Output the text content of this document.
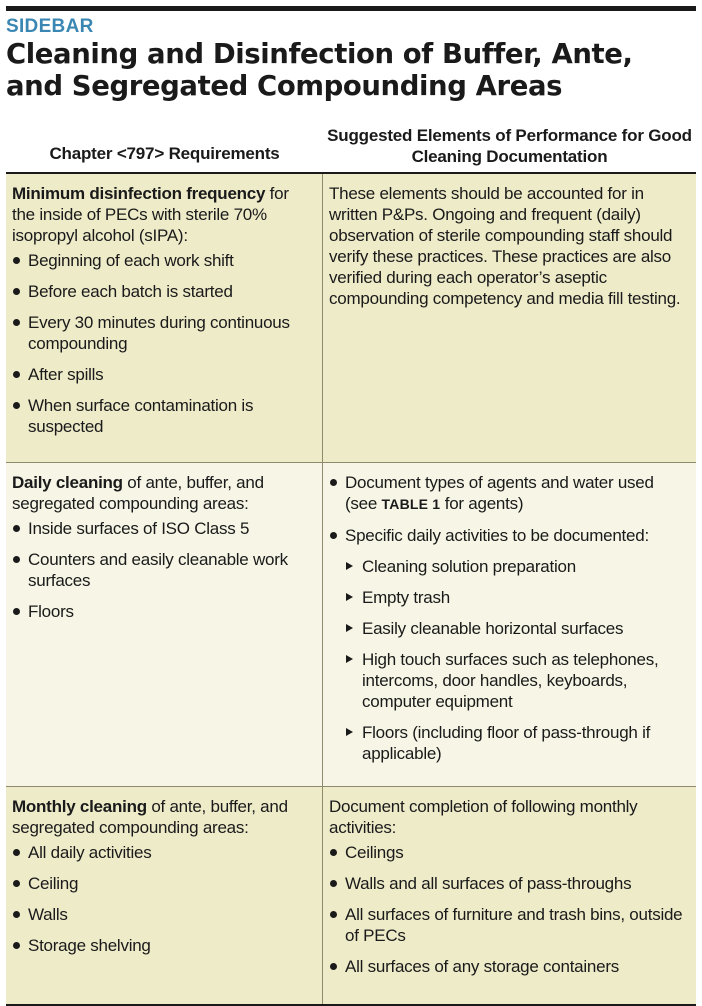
SIDEBAR
Cleaning and Disinfection of Buffer, Ante, and Segregated Compounding Areas
Chapter <797> Requirements
Suggested Elements of Performance for Good Cleaning Documentation

Minimum disinfection frequency for the inside of PECs with sterile 70% isopropyl alcohol (sIPA):

Beginning of each work shift
Before each batch is started
Every 30 minutes during continuous compounding
After spills
When surface contamination is suspected

These elements should be accounted for in written P&Ps. Ongoing and frequent (daily) observation of sterile compounding staff should verify these practices. These practices are also verified during each operator’s aseptic compounding competency and media fill testing.

Daily cleaning of ante, buffer, and segregated compounding areas:

Inside surfaces of ISO Class 5
Counters and easily cleanable work surfaces
Floors
Document types of agents and water used (see TABLE 1 for agents)
Specific daily activities to be documented:
Cleaning solution preparation
Empty trash
Easily cleanable horizontal surfaces
High touch surfaces such as telephones, intercoms, door handles, keyboards, computer equipment
Floors (including floor of pass-through if applicable)

Monthly cleaning of ante, buffer, and segregated compounding areas:

All daily activities
Ceiling
Walls
Storage shelving

Document completion of following monthly activities:

Ceilings
Walls and all surfaces of pass-throughs
All surfaces of furniture and trash bins, outside of PECs
All surfaces of any storage containers
